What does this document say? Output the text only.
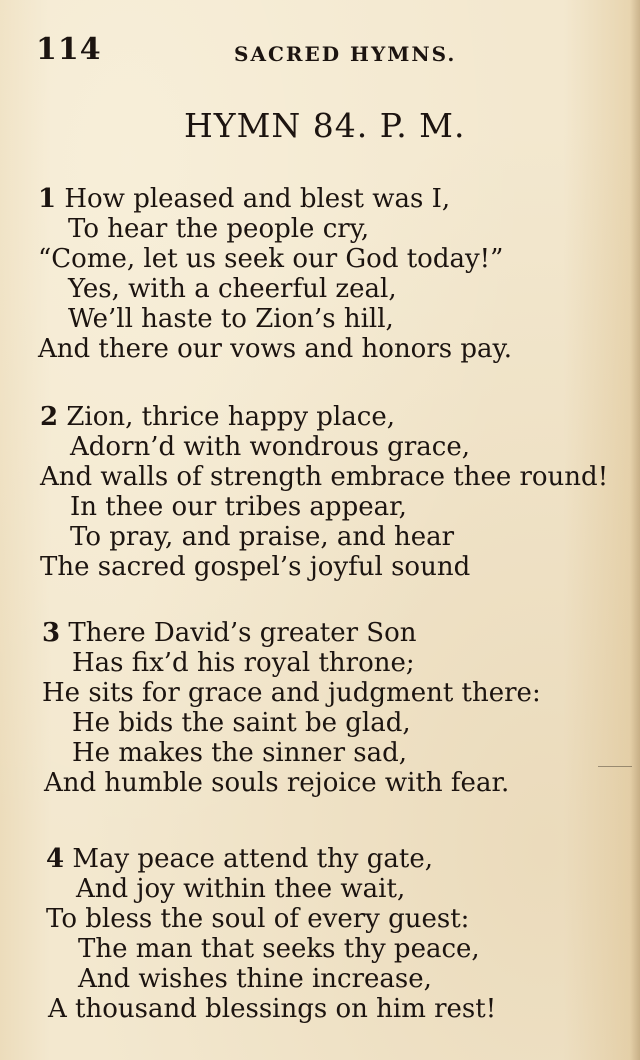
114	SACRED HYMNS.
HYMN 84. P. M.
1 How pleased and blest was I,
To hear the people cry,
“Come, let us seek our God today!”
Yes, with a cheerful zeal,
We’ll haste to Zion’s hill,
And there our vows and honors pay.
2 Zion, thrice happy place,
Adorn’d with wondrous grace,
And walls of strength embrace thee round!
In thee our tribes appear,
To pray, and praise, and hear
The sacred gospel’s joyful sound
3 There David’s greater Son
Has fix’d his royal throne;
He sits for grace and judgment there:
He bids the saint be glad,
He makes the sinner sad,
And humble souls rejoice with fear.
4 May peace attend thy gate,
And joy within thee wait,
To bless the soul of every guest:
The man that seeks thy peace,
And wishes thine increase,
A thousand blessings on him rest!
